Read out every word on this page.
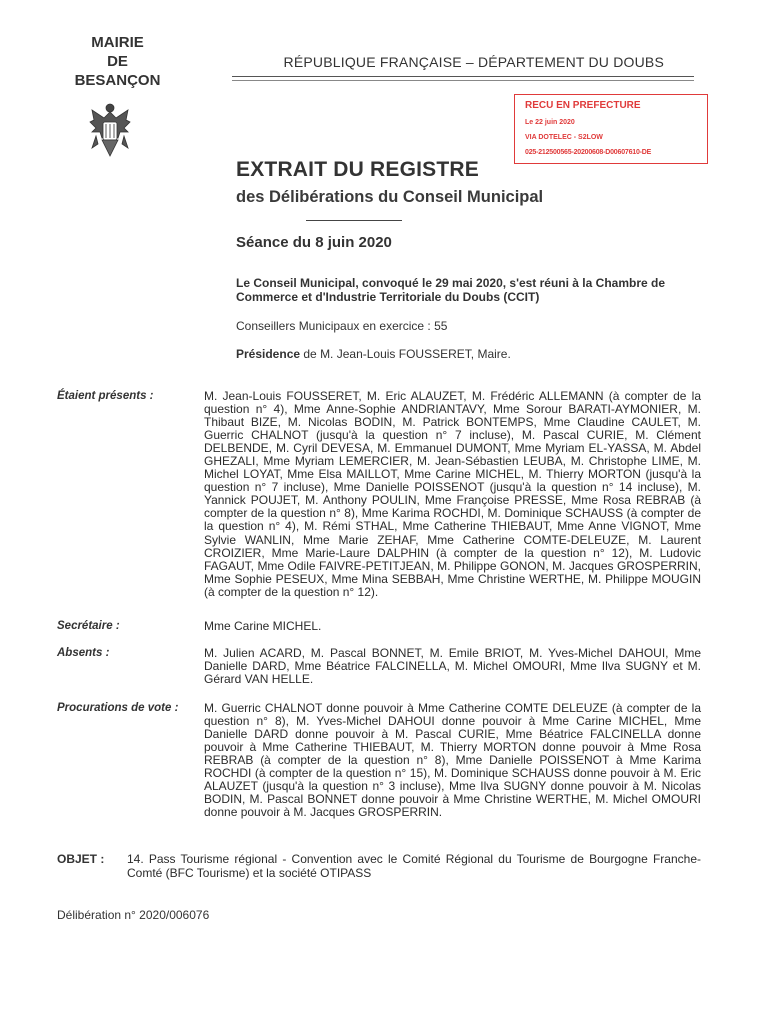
MAIRIE
DE
BESANÇON
RÉPUBLIQUE FRANÇAISE – DÉPARTEMENT DU DOUBS
RECU EN PREFECTURE
Le 22 juin 2020
VIA DOTELEC - S2LOW
025-212500565-20200608-D00607610-DE
EXTRAIT DU REGISTRE
des Délibérations du Conseil Municipal
Séance du 8 juin 2020
Le Conseil Municipal, convoqué le 29 mai 2020, s'est réuni à la Chambre de Commerce et d'Industrie Territoriale du Doubs (CCIT)
Conseillers Municipaux en exercice : 55
Présidence de M. Jean-Louis FOUSSERET, Maire.
Étaient présents :	M. Jean-Louis FOUSSERET, M. Eric ALAUZET, M. Frédéric ALLEMANN (à compter de la question n° 4), Mme Anne-Sophie ANDRIANTAVY, Mme Sorour BARATI-AYMONIER, M. Thibaut BIZE, M. Nicolas BODIN, M. Patrick BONTEMPS, Mme Claudine CAULET, M. Guerric CHALNOT (jusqu'à la question n° 7 incluse), M. Pascal CURIE, M. Clément DELBENDE, M. Cyril DEVESA, M. Emmanuel DUMONT, Mme Myriam EL-YASSA, M. Abdel GHEZALI, Mme Myriam LEMERCIER, M. Jean-Sébastien LEUBA, M. Christophe LIME, M. Michel LOYAT, Mme Elsa MAILLOT, Mme Carine MICHEL, M. Thierry MORTON (jusqu'à la question n° 7 incluse), Mme Danielle POISSENOT (jusqu'à la question n° 14 incluse), M. Yannick POUJET, M. Anthony POULIN, Mme Françoise PRESSE, Mme Rosa REBRAB (à compter de la question n° 8), Mme Karima ROCHDI, M. Dominique SCHAUSS (à compter de la question n° 4), M. Rémi STHAL, Mme Catherine THIEBAUT, Mme Anne VIGNOT, Mme Sylvie WANLIN, Mme Marie ZEHAF, Mme Catherine COMTE-DELEUZE, M. Laurent CROIZIER, Mme Marie-Laure DALPHIN (à compter de la question n° 12), M. Ludovic FAGAUT, Mme Odile FAIVRE-PETITJEAN, M. Philippe GONON, M. Jacques GROSPERRIN, Mme Sophie PESEUX, Mme Mina SEBBAH, Mme Christine WERTHE, M. Philippe MOUGIN (à compter de la question n° 12).
Secrétaire :	Mme Carine MICHEL.
Absents :	M. Julien ACARD, M. Pascal BONNET, M. Emile BRIOT, M. Yves-Michel DAHOUI, Mme Danielle DARD, Mme Béatrice FALCINELLA, M. Michel OMOURI, Mme Ilva SUGNY et M. Gérard VAN HELLE.
Procurations de vote : M. Guerric CHALNOT donne pouvoir à Mme Catherine COMTE DELEUZE (à compter de la question n° 8), M. Yves-Michel DAHOUI donne pouvoir à Mme Carine MICHEL, Mme Danielle DARD donne pouvoir à M. Pascal CURIE, Mme Béatrice FALCINELLA donne pouvoir à Mme Catherine THIEBAUT, M. Thierry MORTON donne pouvoir à Mme Rosa REBRAB (à compter de la question n° 8), Mme Danielle POISSENOT à Mme Karima ROCHDI (à compter de la question n° 15), M. Dominique SCHAUSS donne pouvoir à M. Eric ALAUZET (jusqu'à la question n° 3 incluse), Mme Ilva SUGNY donne pouvoir à M. Nicolas BODIN, M. Pascal BONNET donne pouvoir à Mme Christine WERTHE, M. Michel OMOURI donne pouvoir à M. Jacques GROSPERRIN.
OBJET : 14. Pass Tourisme régional - Convention avec le Comité Régional du Tourisme de Bourgogne Franche-Comté (BFC Tourisme) et la société OTIPASS
Délibération n° 2020/006076
